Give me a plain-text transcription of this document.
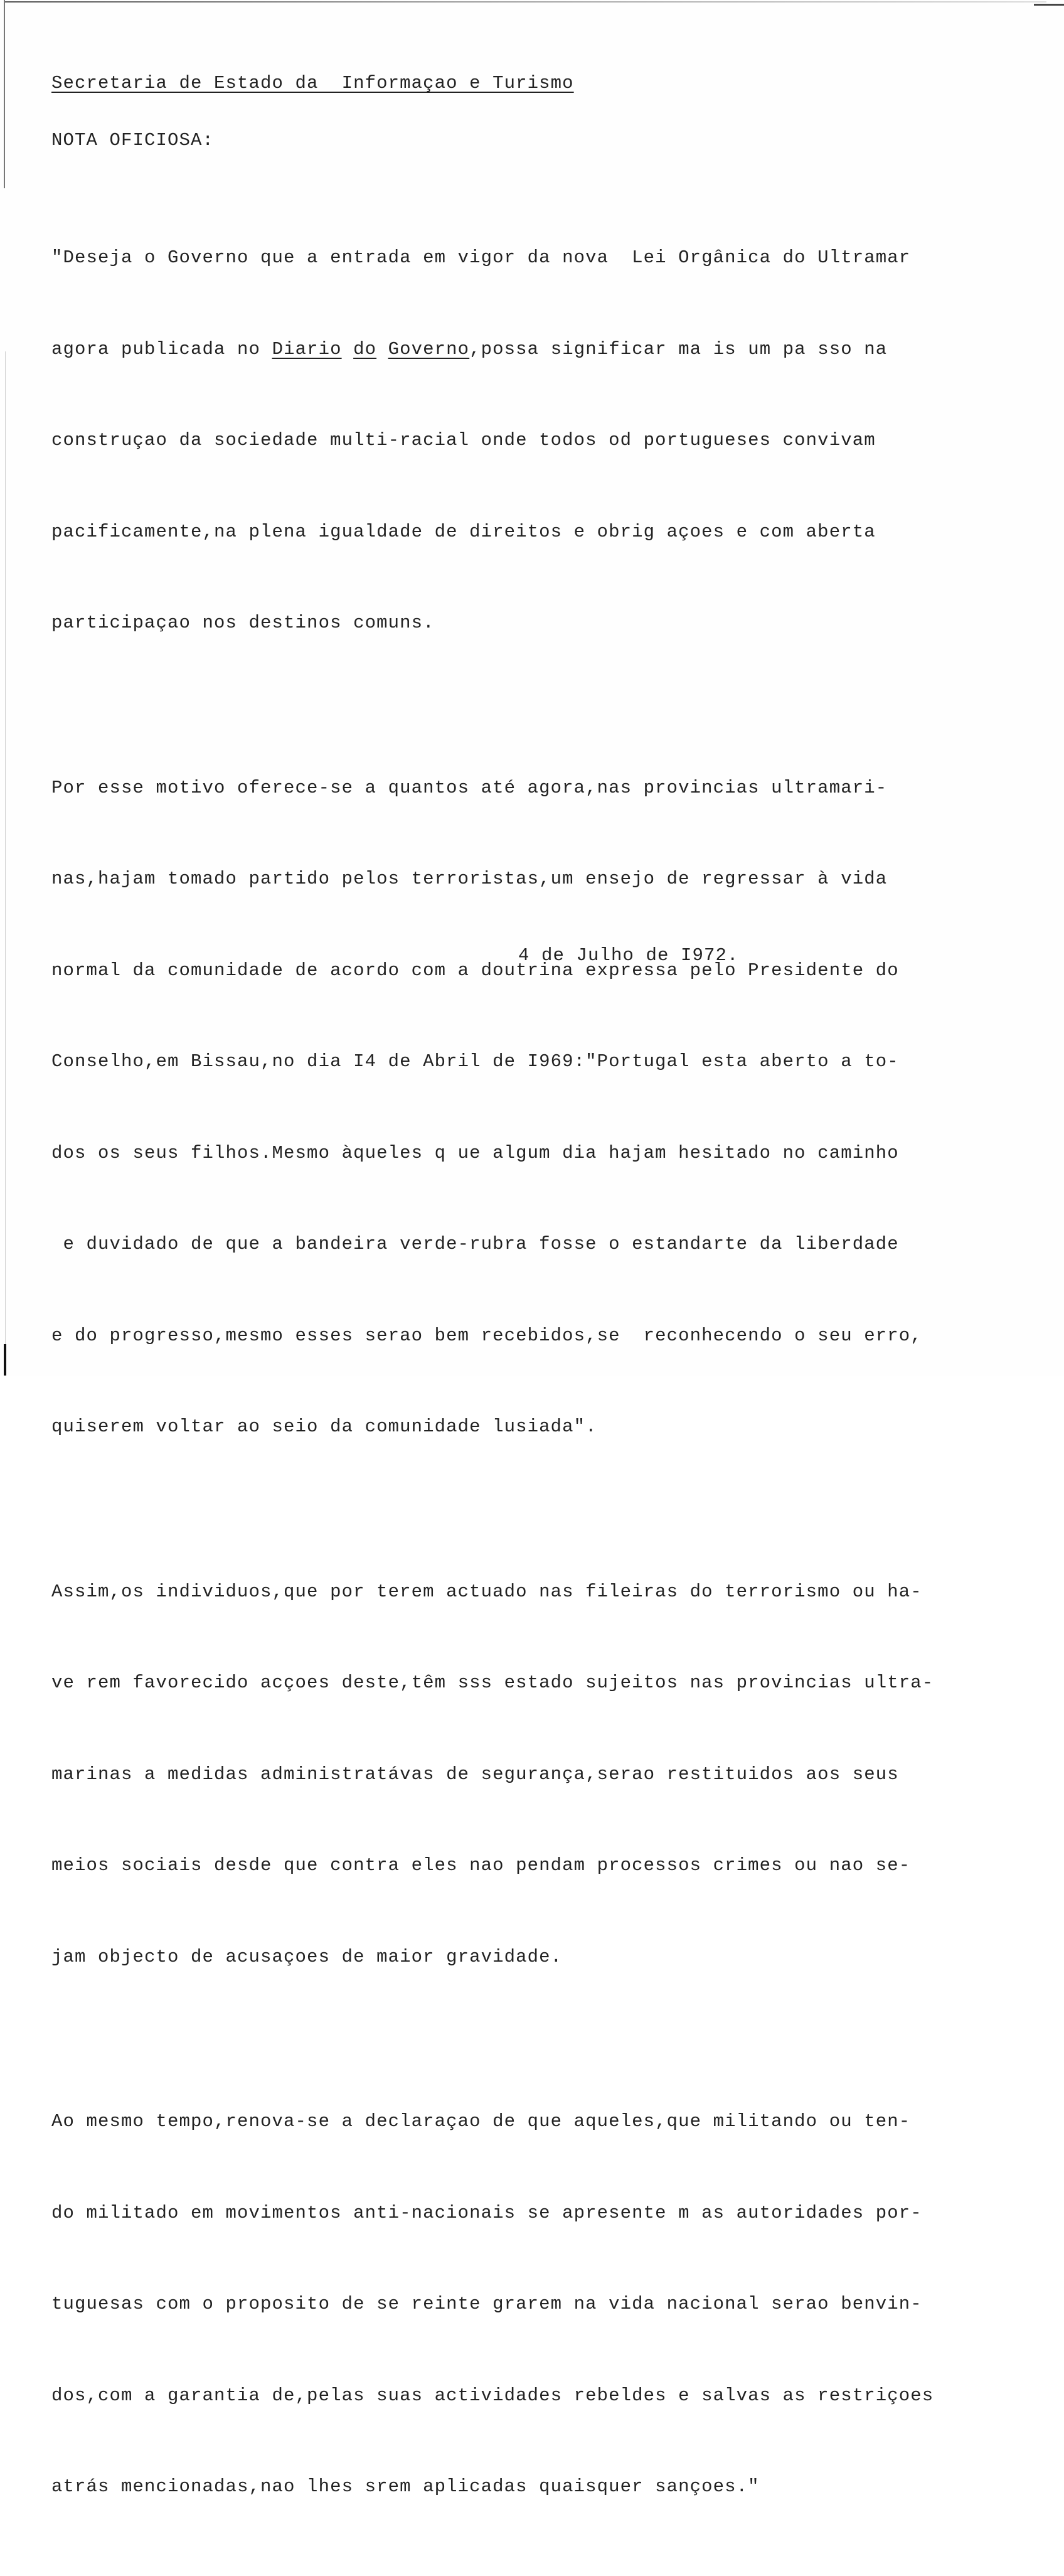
Secretaria de Estado da  Informaçao e Turismo
NOTA OFICIOSA:

"Deseja o Governo que a entrada em vigor da nova  Lei Orgânica do Ultramar

agora publicada no Diario do Governo,possa significar ma is um pa sso na

construçao da sociedade multi-racial onde todos od portugueses convivam

pacificamente,na plena igualdade de direitos e obrig açoes e com aberta

participaçao nos destinos comuns.

Por esse motivo oferece-se a quantos até agora,nas provincias ultramari-

nas,hajam tomado partido pelos terroristas,um ensejo de regressar à vida

normal da comunidade de acordo com a doutrina expressa pelo Presidente do

Conselho,em Bissau,no dia I4 de Abril de I969:"Portugal esta aberto a to-

dos os seus filhos.Mesmo àqueles q ue algum dia hajam hesitado no caminho

e duvidado de que a bandeira verde-rubra fosse o estandarte da liberdade

e do progresso,mesmo esses serao bem recebidos,se  reconhecendo o seu erro,

quiserem voltar ao seio da comunidade lusiada".

Assim,os individuos,que por terem actuado nas fileiras do terrorismo ou ha-

ve rem favorecido acçoes deste,têm sss estado sujeitos nas provincias ultra-

marinas a medidas administratávas de segurança,serao restituidos aos seus

meios sociais desde que contra eles nao pendam processos crimes ou nao se-

jam objecto de acusaçoes de maior gravidade.

Ao mesmo tempo,renova-se a declaraçao de que aqueles,que militando ou ten-

do militado em movimentos anti-nacionais se apresente m as autoridades por-

tuguesas com o proposito de se reinte grarem na vida nacional serao benvin-

dos,com a garantia de,pelas suas actividades rebeldes e salvas as restriçoes

atrás mencionadas,nao lhes srem aplicadas quaisquer sançoes."

4 de Julho de I972.
